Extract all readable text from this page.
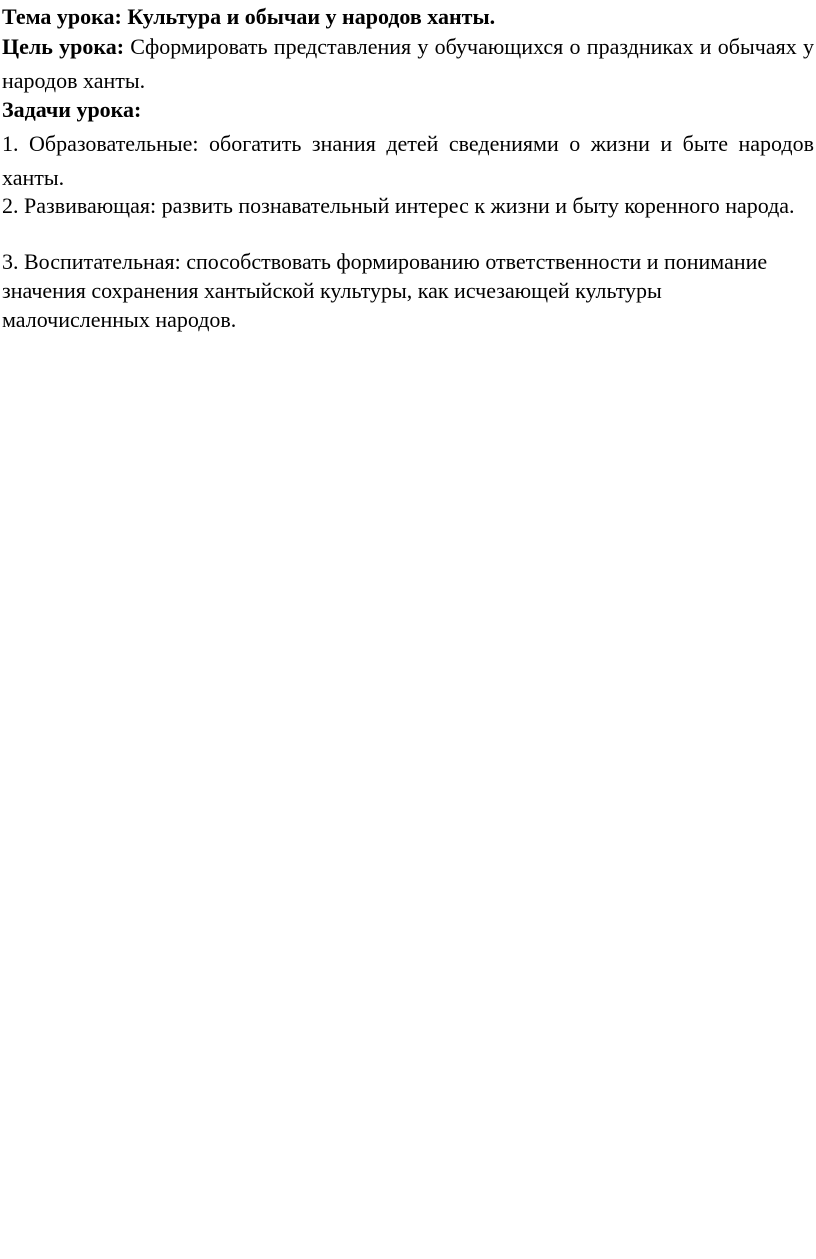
Тема урока: Культура и обычаи у народов ханты.

Цель урока: Сформировать представления у обучающихся о праздниках и обычаях у народов ханты.

Задачи урока:

1. Образовательные: обогатить знания детей сведениями о жизни и быте народов ханты.

2. Развивающая: развить познавательный интерес к жизни и быту коренного народа.

3. Воспитательная: способствовать формированию ответственности и понимание значения сохранения хантыйской культуры, как исчезающей культуры малочисленных народов.
